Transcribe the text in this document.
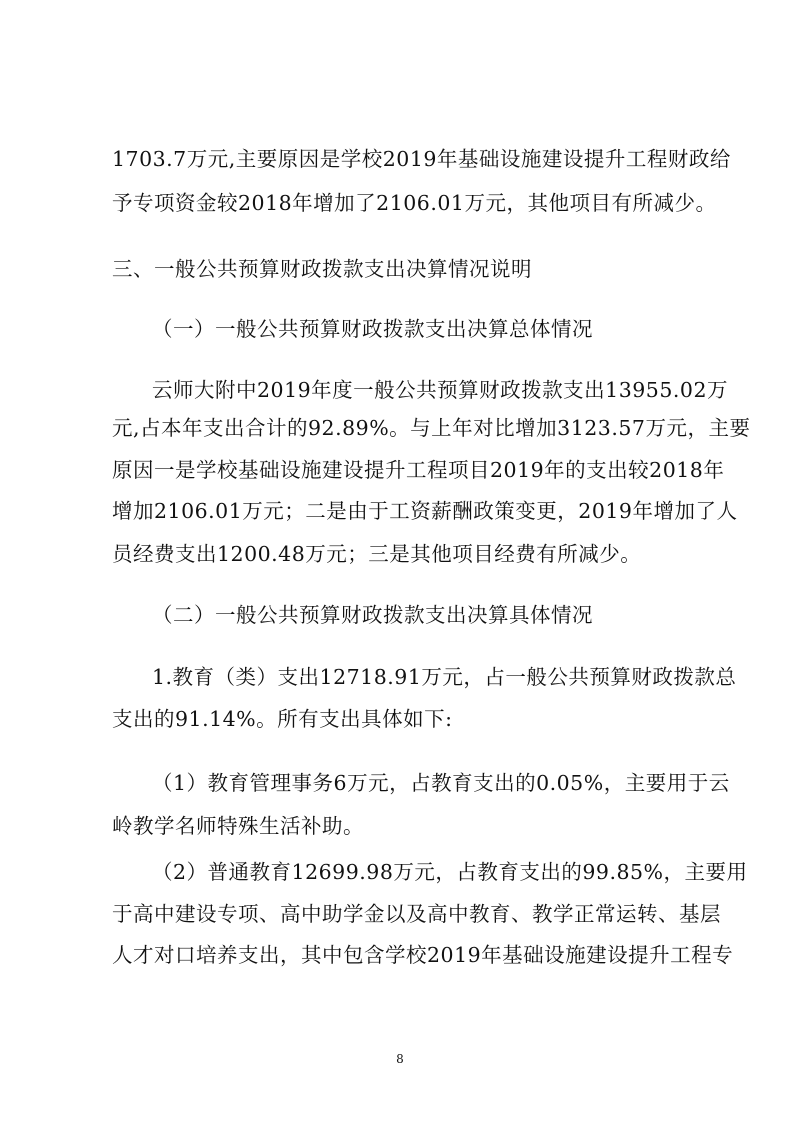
1703.7万元,主要原因是学校2019年基础设施建设提升工程财政给
予专项资金较2018年增加了2106.01万元，其他项目有所减少。
三、一般公共预算财政拨款支出决算情况说明
（一）一般公共预算财政拨款支出决算总体情况
云师大附中2019年度一般公共预算财政拨款支出13955.02万
元,占本年支出合计的92.89%。与上年对比增加3123.57万元，主要
原因一是学校基础设施建设提升工程项目2019年的支出较2018年
增加2106.01万元；二是由于工资薪酬政策变更，2019年增加了人
员经费支出1200.48万元；三是其他项目经费有所减少。
（二）一般公共预算财政拨款支出决算具体情况
1.教育（类）支出12718.91万元，占一般公共预算财政拨款总
支出的91.14%。所有支出具体如下:
（1）教育管理事务6万元，占教育支出的0.05%，主要用于云
岭教学名师特殊生活补助。
（2）普通教育12699.98万元，占教育支出的99.85%，主要用
于高中建设专项、高中助学金以及高中教育、教学正常运转、基层
人才对口培养支出，其中包含学校2019年基础设施建设提升工程专
8
